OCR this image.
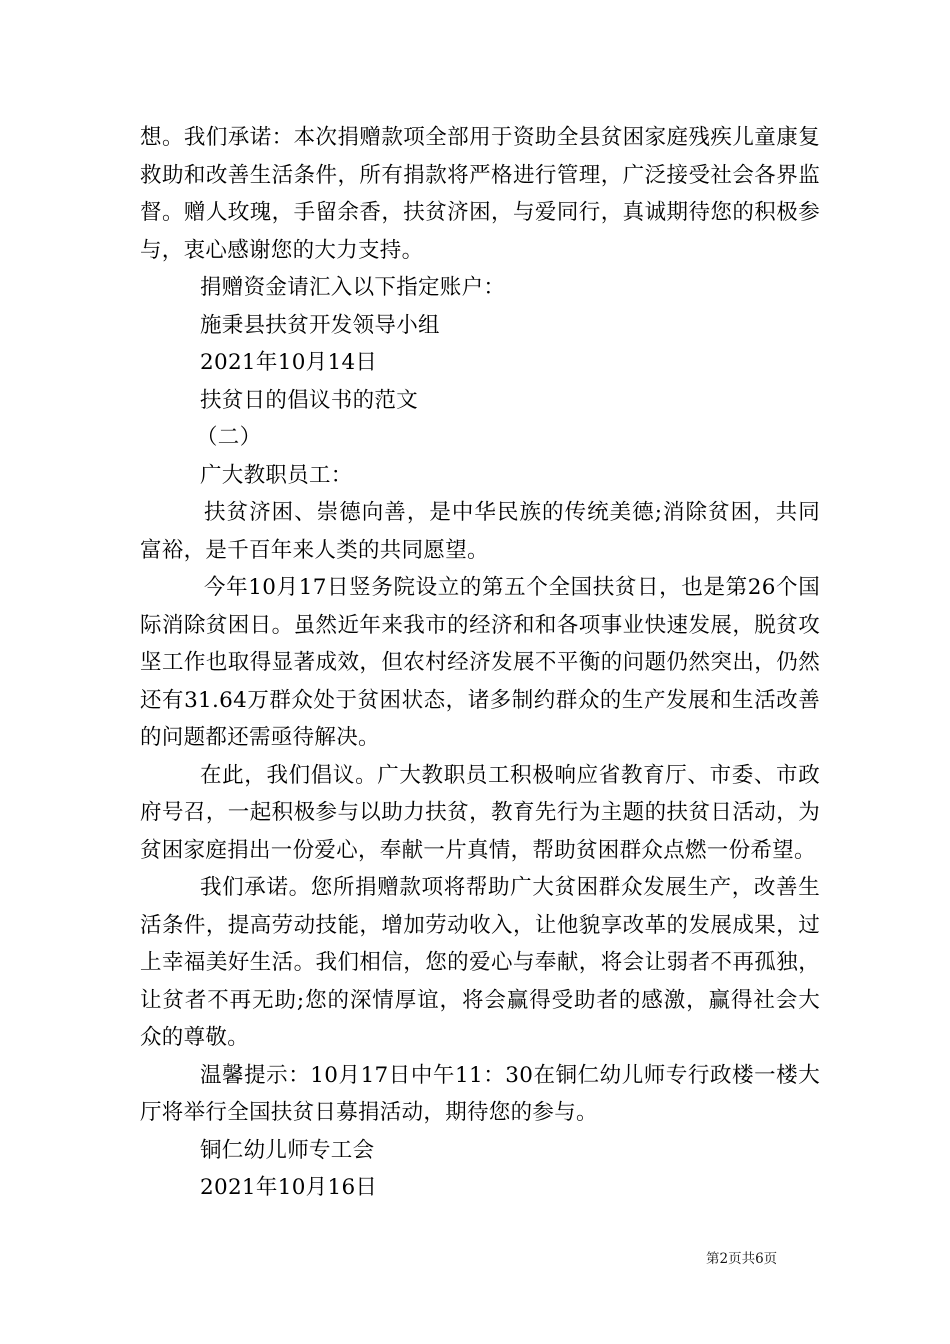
想。我们承诺：本次捐赠款项全部用于资助全县贫困家庭残疾儿童康复救助和改善生活条件，所有捐款将严格进行管理，广泛接受社会各界监督。赠人玫瑰，手留余香，扶贫济困，与爱同行，真诚期待您的积极参与，衷心感谢您的大力支持。

捐赠资金请汇入以下指定账户：

施秉县扶贫开发领导小组

2021年10月14日

扶贫日的倡议书的范文

（二）

广大教职员工：

扶贫济困、崇德向善，是中华民族的传统美德;消除贫困，共同富裕，是千百年来人类的共同愿望。

今年10月17日竖务院设立的第五个全国扶贫日，也是第26个国际消除贫困日。虽然近年来我市的经济和和各项事业快速发展，脱贫攻坚工作也取得显著成效，但农村经济发展不平衡的问题仍然突出，仍然还有31.64万群众处于贫困状态，诸多制约群众的生产发展和生活改善的问题都还需亟待解决。

在此，我们倡议。广大教职员工积极响应省教育厅、市委、市政府号召，一起积极参与以助力扶贫，教育先行为主题的扶贫日活动，为贫困家庭捐出一份爱心，奉献一片真情，帮助贫困群众点燃一份希望。

我们承诺。您所捐赠款项将帮助广大贫困群众发展生产，改善生活条件，提高劳动技能，增加劳动收入，让他貌享改革的发展成果，过上幸福美好生活。我们相信，您的爱心与奉献，将会让弱者不再孤独，让贫者不再无助;您的深情厚谊，将会赢得受助者的感激，赢得社会大众的尊敬。

温馨提示：10月17日中午11：30在铜仁幼儿师专行政楼一楼大厅将举行全国扶贫日募捐活动，期待您的参与。

铜仁幼儿师专工会

2021年10月16日

第2页共6页
